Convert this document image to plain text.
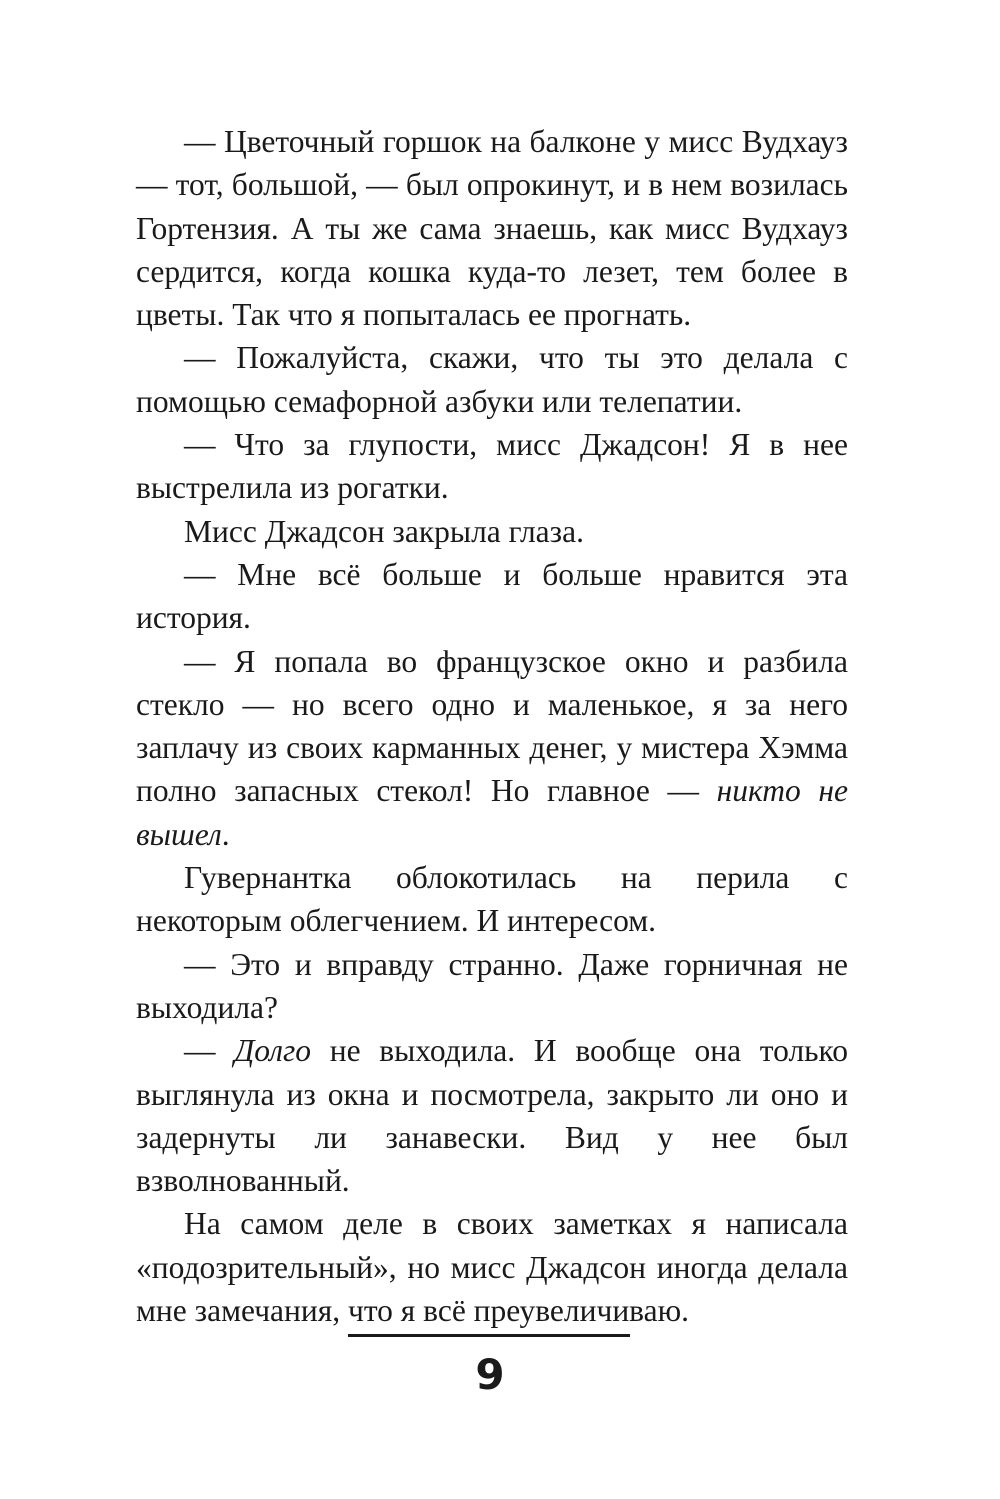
— Цветочный горшок на балконе у мисс Вудхауз — тот, большой, — был опрокинут, и в нем возилась Гортензия. А ты же сама знаешь, как мисс Вудхауз сердится, когда кошка куда-то лезет, тем более в цветы. Так что я попыталась ее прогнать.

— Пожалуйста, скажи, что ты это делала с помощью семафорной азбуки или телепатии.

— Что за глупости, мисс Джадсон! Я в нее выстрелила из рогатки.

Мисс Джадсон закрыла глаза.

— Мне всё больше и больше нравится эта история.

— Я попала во французское окно и разбила стекло — но всего одно и маленькое, я за него заплачу из своих карманных денег, у мистера Хэмма полно запасных стекол! Но главное — никто не вышел.

Гувернантка облокотилась на перила с некоторым облегчением. И интересом.

— Это и вправду странно. Даже горничная не выходила?

— Долго не выходила. И вообще она только выглянула из окна и посмотрела, закрыто ли оно и задернуты ли занавески. Вид у нее был взволнованный.

На самом деле в своих заметках я написала «подозрительный», но мисс Джадсон иногда делала мне замечания, что я всё преувеличиваю.

9
